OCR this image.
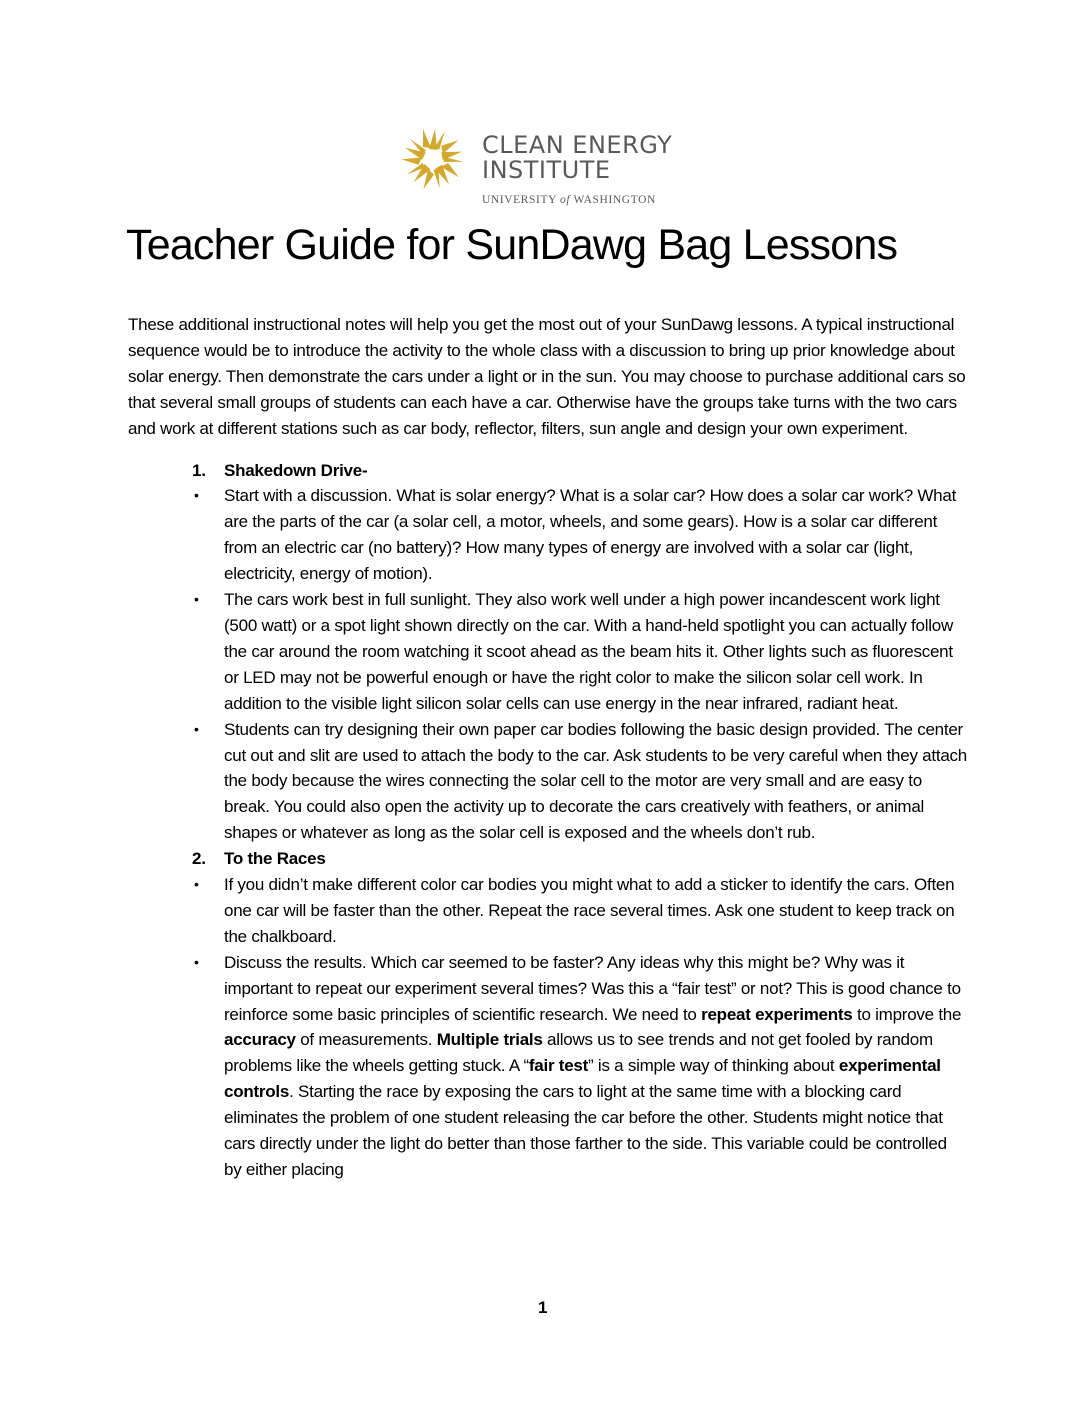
CLEAN ENERGY
INSTITUTE
UNIVERSITY of WASHINGTON
Teacher Guide for SunDawg Bag Lessons

These additional instructional notes will help you get the most out of your SunDawg lessons. A typical instructional sequence would be to introduce the activity to the whole class with a discussion to bring up prior knowledge about solar energy. Then demonstrate the cars under a light or in the sun. You may choose to purchase additional cars so that several small groups of students can each have a car. Otherwise have the groups take turns with the two cars and work at different stations such as car body, reflector, filters, sun angle and design your own experiment.

1. Shakedown Drive-
• Start with a discussion. What is solar energy? What is a solar car? How does a solar car work? What are the parts of the car (a solar cell, a motor, wheels, and some gears). How is a solar car different from an electric car (no battery)? How many types of energy are involved with a solar car (light, electricity, energy of motion).

• The cars work best in full sunlight. They also work well under a high power incandescent work light (500 watt) or a spot light shown directly on the car. With a hand-held spotlight you can actually follow the car around the room watching it scoot ahead as the beam hits it. Other lights such as fluorescent or LED may not be powerful enough or have the right color to make the silicon solar cell work. In addition to the visible light silicon solar cells can use energy in the near infrared, radiant heat.

• Students can try designing their own paper car bodies following the basic design provided. The center cut out and slit are used to attach the body to the car. Ask students to be very careful when they attach the body because the wires connecting the solar cell to the motor are very small and are easy to break. You could also open the activity up to decorate the cars creatively with feathers, or animal shapes or whatever as long as the solar cell is exposed and the wheels don’t rub.

2. To the Races
• If you didn’t make different color car bodies you might what to add a sticker to identify the cars. Often one car will be faster than the other. Repeat the race several times. Ask one student to keep track on the chalkboard.

• Discuss the results. Which car seemed to be faster? Any ideas why this might be? Why was it important to repeat our experiment several times? Was this a “fair test” or not? This is good chance to reinforce some basic principles of scientific research. We need to repeat experiments to improve the accuracy of measurements. Multiple trials allows us to see trends and not get fooled by random problems like the wheels getting stuck. A “fair test” is a simple way of thinking about experimental controls. Starting the race by exposing the cars to light at the same time with a blocking card eliminates the problem of one student releasing the car before the other. Students might notice that cars directly under the light do better than those farther to the side. This variable could be controlled by either placing

1
